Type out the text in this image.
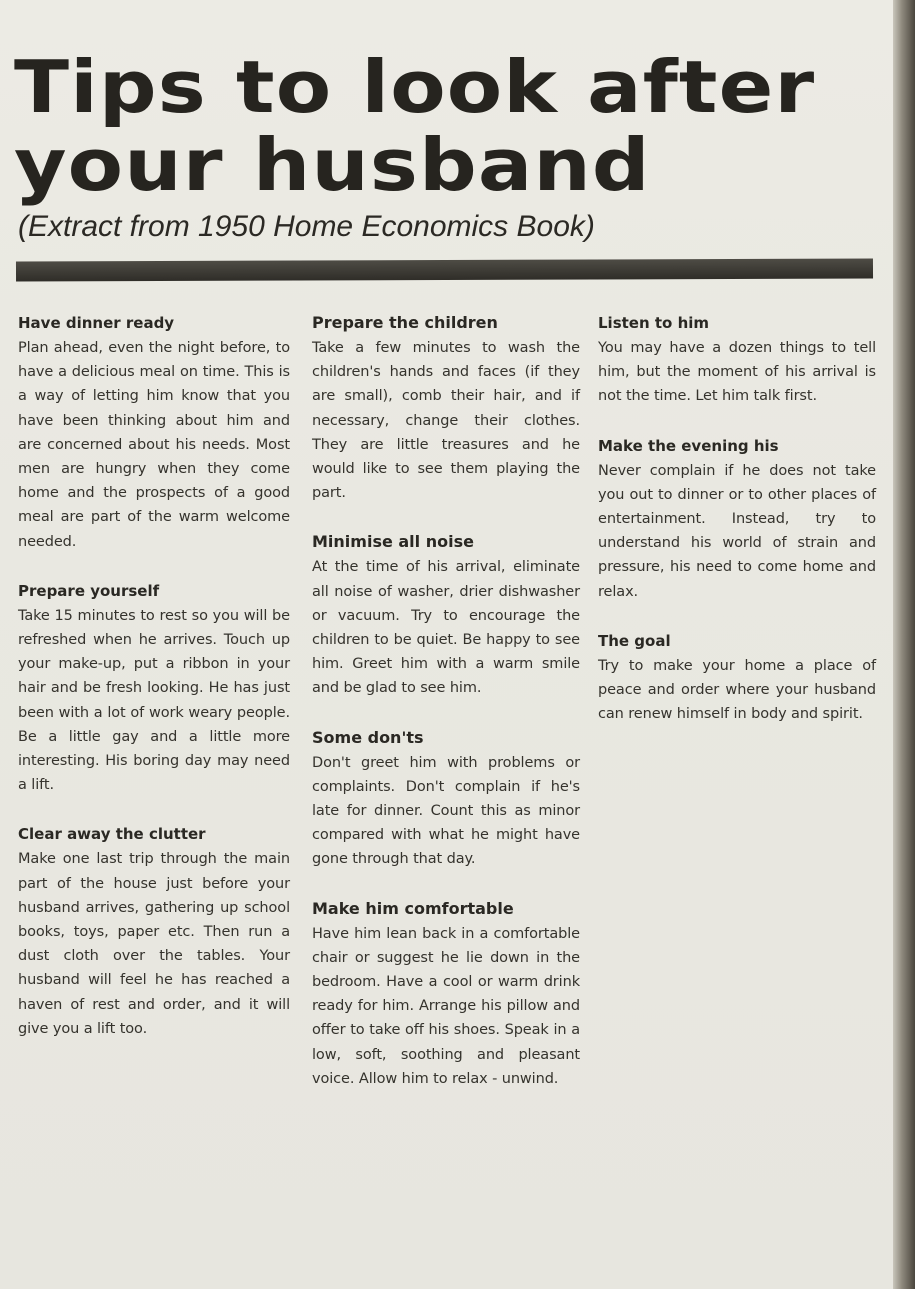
Tips to look after
your husband

(Extract from 1950 Home Economics Book)

Have dinner ready

Plan ahead, even the night before, to have a delicious meal on time. This is a way of letting him know that you have been thinking about him and are concerned about his needs. Most men are hungry when they come home and the prospects of a good meal are part of the warm welcome needed.

Prepare yourself

Take 15 minutes to rest so you will be refreshed when he arrives. Touch up your make-up, put a ribbon in your hair and be fresh looking. He has just been with a lot of work weary people. Be a little gay and a little more interesting. His boring day may need a lift.

Clear away the clutter

Make one last trip through the main part of the house just before your husband arrives, gathering up school books, toys, paper etc. Then run a dust cloth over the tables. Your husband will feel he has reached a haven of rest and order, and it will give you a lift too.

Prepare the children

Take a few minutes to wash the children's hands and faces (if they are small), comb their hair, and if necessary, change their clothes. They are little treasures and he would like to see them playing the part.

Minimise all noise

At the time of his arrival, eliminate all noise of washer, drier dishwasher or vacuum. Try to encourage the children to be quiet. Be happy to see him. Greet him with a warm smile and be glad to see him.

Some don'ts

Don't greet him with problems or complaints. Don't complain if he's late for dinner. Count this as minor compared with what he might have gone through that day.

Make him comfortable

Have him lean back in a comfortable chair or suggest he lie down in the bedroom. Have a cool or warm drink ready for him. Arrange his pillow and offer to take off his shoes. Speak in a low, soft, soothing and pleasant voice. Allow him to relax - unwind.

Listen to him

You may have a dozen things to tell him, but the moment of his arrival is not the time. Let him talk first.

Make the evening his

Never complain if he does not take you out to dinner or to other places of entertainment. Instead, try to understand his world of strain and pressure, his need to come home and relax.

The goal

Try to make your home a place of peace and order where your husband can renew himself in body and spirit.
